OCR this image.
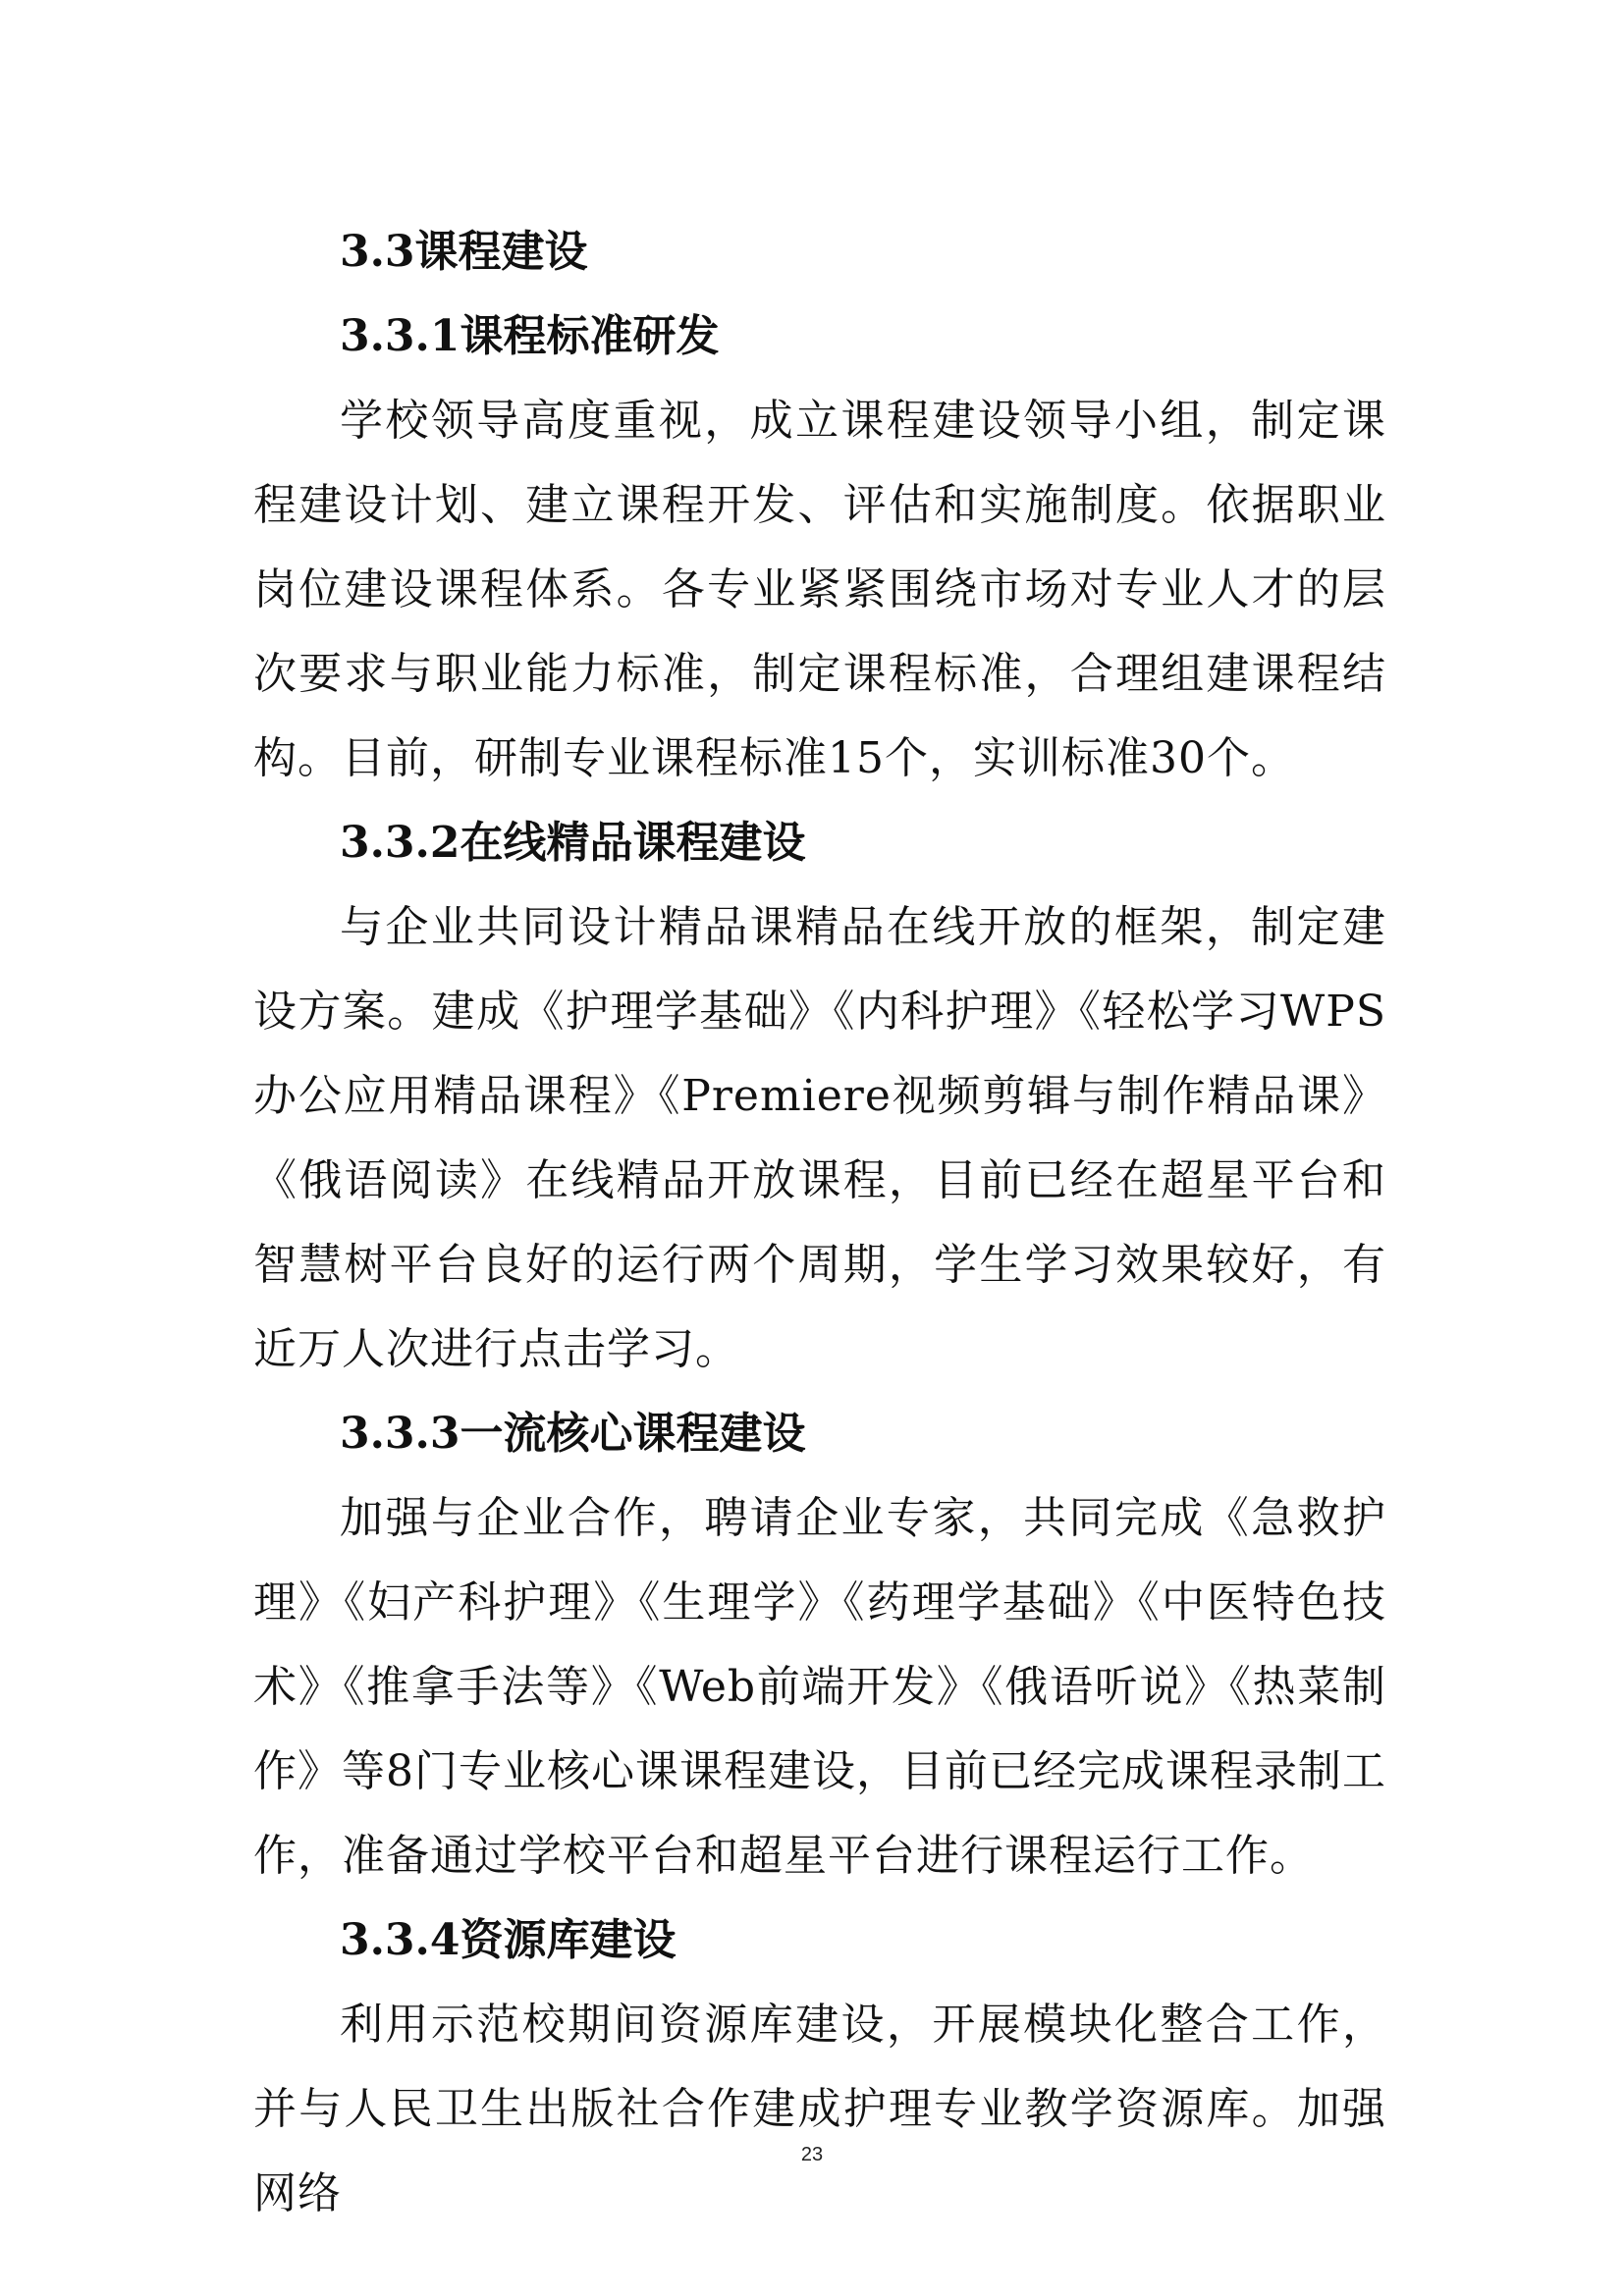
3.3课程建设
3.3.1课程标准研发

学校领导高度重视，成立课程建设领导小组，制定课程建设计划、建立课程开发、评估和实施制度。依据职业岗位建设课程体系。各专业紧紧围绕市场对专业人才的层次要求与职业能力标准，制定课程标准，合理组建课程结构。目前，研制专业课程标准15个，实训标准30个。

3.3.2在线精品课程建设

与企业共同设计精品课精品在线开放的框架，制定建设方案。建成《护理学基础》《内科护理》《轻松学习WPS办公应用精品课程》《Premiere视频剪辑与制作精品课》《俄语阅读》在线精品开放课程，目前已经在超星平台和智慧树平台良好的运行两个周期，学生学习效果较好，有近万人次进行点击学习。

3.3.3一流核心课程建设

加强与企业合作，聘请企业专家，共同完成《急救护理》《妇产科护理》《生理学》《药理学基础》《中医特色技术》《推拿手法等》《Web前端开发》《俄语听说》《热菜制作》等8门专业核心课课程建设，目前已经完成课程录制工作，准备通过学校平台和超星平台进行课程运行工作。

3.3.4资源库建设

利用示范校期间资源库建设，开展模块化整合工作，并与人民卫生出版社合作建成护理专业教学资源库。加强网络

23
